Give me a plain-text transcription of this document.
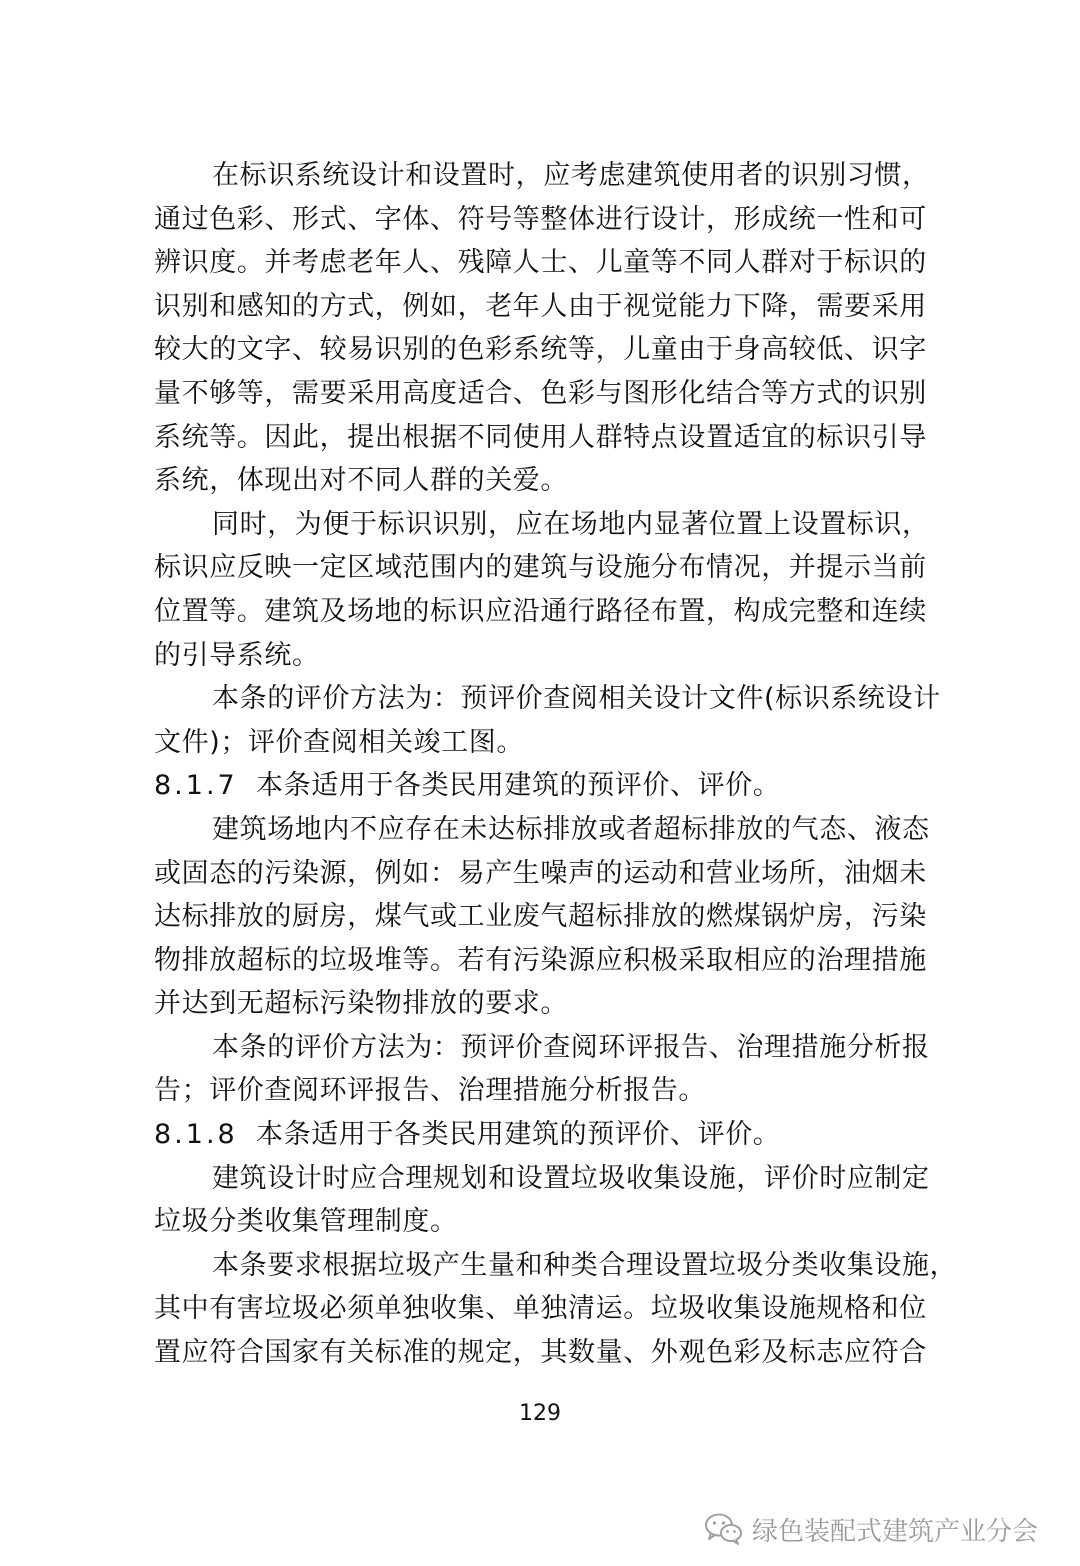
在标识系统设计和设置时，应考虑建筑使用者的识别习惯，
通过色彩、形式、字体、符号等整体进行设计，形成统一性和可
辨识度。并考虑老年人、残障人士、儿童等不同人群对于标识的
识别和感知的方式，例如，老年人由于视觉能力下降，需要采用
较大的文字、较易识别的色彩系统等，儿童由于身高较低、识字
量不够等，需要采用高度适合、色彩与图形化结合等方式的识别
系统等。因此，提出根据不同使用人群特点设置适宜的标识引导
系统，体现出对不同人群的关爱。
同时，为便于标识识别，应在场地内显著位置上设置标识，
标识应反映一定区域范围内的建筑与设施分布情况，并提示当前
位置等。建筑及场地的标识应沿通行路径布置，构成完整和连续
的引导系统。
本条的评价方法为：预评价查阅相关设计文件(标识系统设计
文件)；评价查阅相关竣工图。
8.1.7 本条适用于各类民用建筑的预评价、评价。
建筑场地内不应存在未达标排放或者超标排放的气态、液态
或固态的污染源，例如：易产生噪声的运动和营业场所，油烟未
达标排放的厨房，煤气或工业废气超标排放的燃煤锅炉房，污染
物排放超标的垃圾堆等。若有污染源应积极采取相应的治理措施
并达到无超标污染物排放的要求。
本条的评价方法为：预评价查阅环评报告、治理措施分析报
告；评价查阅环评报告、治理措施分析报告。
8.1.8 本条适用于各类民用建筑的预评价、评价。
建筑设计时应合理规划和设置垃圾收集设施，评价时应制定
垃圾分类收集管理制度。
本条要求根据垃圾产生量和种类合理设置垃圾分类收集设施，
其中有害垃圾必须单独收集、单独清运。垃圾收集设施规格和位
置应符合国家有关标准的规定，其数量、外观色彩及标志应符合
129
绿色装配式建筑产业分会
